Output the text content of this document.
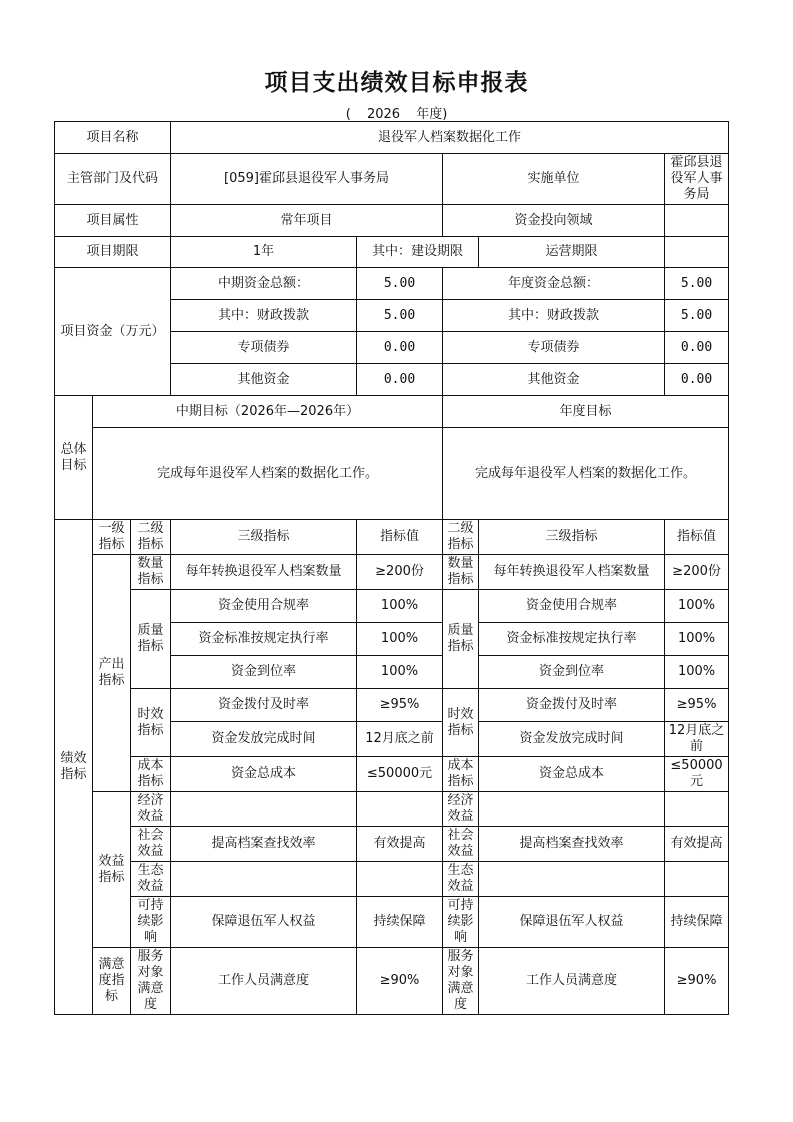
项目支出绩效目标申报表
( 2026 年度)
项目名称			退役军人档案数据化工作				
主管部门及代码			[059]霍邱县退役军人事务局		实施单位		霍邱县退役军人事务局
项目属性			常年项目		资金投向领域		
项目期限			1年	其中：建设期限		运营期限	
项目资金（万元）			中期资金总额：	5.00	年度资金总额：		5.00
			其中：财政拨款	5.00	其中：财政拨款		5.00
			专项债券	0.00	专项债券		0.00
			其他资金	0.00	其他资金		0.00
总体目标	中期目标（2026年—2026年）				年度目标		
	完成每年退役军人档案的数据化工作。				完成每年退役军人档案的数据化工作。		
绩效指标	一级指标	二级指标	三级指标	指标值	二级指标	三级指标	指标值
	产出指标	数量指标	每年转换退役军人档案数量	≥200份	数量指标	每年转换退役军人档案数量	≥200份
		质量指标	资金使用合规率	100%	质量指标	资金使用合规率	100%
			资金标准按规定执行率	100%		资金标准按规定执行率	100%
			资金到位率	100%		资金到位率	100%
		时效指标	资金拨付及时率	≥95%	时效指标	资金拨付及时率	≥95%
			资金发放完成时间	12月底之前		资金发放完成时间	12月底之前
		成本指标	资金总成本	≤50000元	成本指标	资金总成本	≤50000元
	效益指标	经济效益			经济效益		
		社会效益	提高档案查找效率	有效提高	社会效益	提高档案查找效率	有效提高
		生态效益			生态效益		
		可持续影响	保障退伍军人权益	持续保障	可持续影响	保障退伍军人权益	持续保障
	满意度指标	服务对象满意度	工作人员满意度	≥90%	服务对象满意度	工作人员满意度	≥90%
